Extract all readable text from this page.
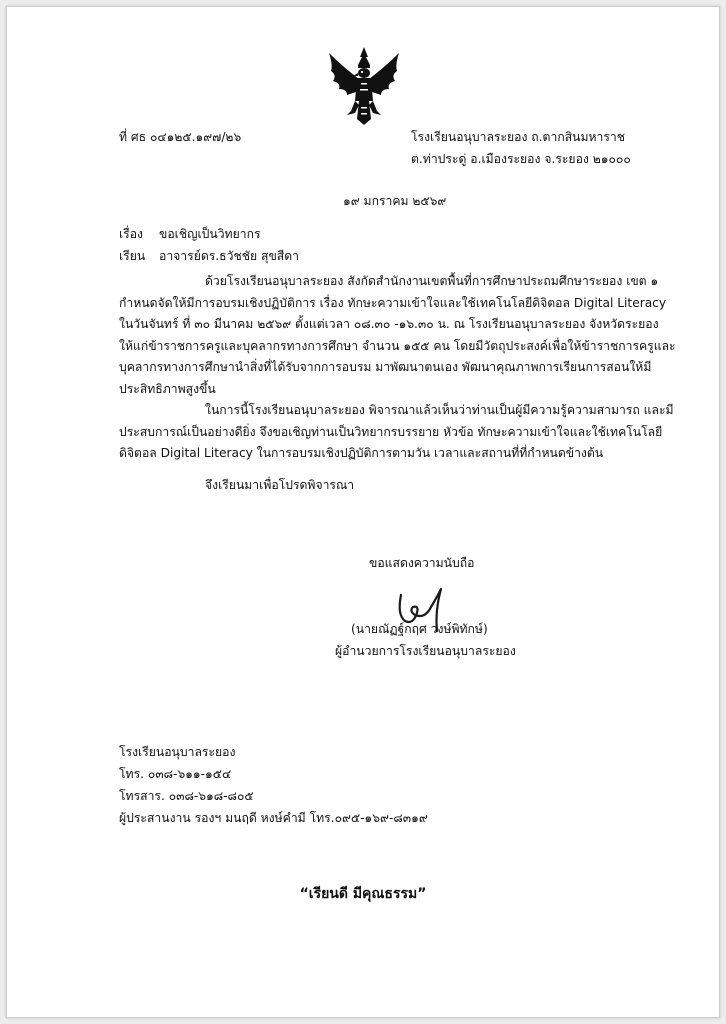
ที่ ศธ ๐๔๑๒๕.๑๙๗/๒๖	โรงเรียนอนุบาลระยอง ถ.ตากสินมหาราช
ต.ท่าประดู่ อ.เมืองระยอง จ.ระยอง ๒๑๐๐๐
๑๙ มกราคม ๒๕๖๙
เรื่อง ขอเชิญเป็นวิทยากร
เรียน อาจารย์ดร.ธวัชชัย สุขสีดา
ด้วยโรงเรียนอนุบาลระยอง สังกัดสำนักงานเขตพื้นที่การศึกษาประถมศึกษาระยอง เขต ๑
กำหนดจัดให้มีการอบรมเชิงปฏิบัติการ เรื่อง ทักษะความเข้าใจและใช้เทคโนโลยีดิจิตอล Digital Literacy
ในวันจันทร์ ที่ ๓๐ มีนาคม ๒๕๖๙ ตั้งแต่เวลา ๐๘.๓๐ -๑๖.๓๐ น. ณ โรงเรียนอนุบาลระยอง จังหวัดระยอง
ให้แก่ข้าราชการครูและบุคลากรทางการศึกษา จำนวน ๑๕๕ คน โดยมีวัตถุประสงค์เพื่อให้ข้าราชการครูและ
บุคลากรทางการศึกษานำสิ่งที่ได้รับจากการอบรม มาพัฒนาตนเอง พัฒนาคุณภาพการเรียนการสอนให้มี
ประสิทธิภาพสูงขึ้น
ในการนี้โรงเรียนอนุบาลระยอง พิจารณาแล้วเห็นว่าท่านเป็นผู้มีความรู้ความสามารถ และมี
ประสบการณ์เป็นอย่างดียิ่ง จึงขอเชิญท่านเป็นวิทยากรบรรยาย หัวข้อ ทักษะความเข้าใจและใช้เทคโนโลยี
ดิจิตอล Digital Literacy ในการอบรมเชิงปฏิบัติการตามวัน เวลาและสถานที่ที่กำหนดข้างต้น
จึงเรียนมาเพื่อโปรดพิจารณา
ขอแสดงความนับถือ
(นายณัฏฐ์กฤศ วงษ์พิทักษ์)
ผู้อำนวยการโรงเรียนอนุบาลระยอง
โรงเรียนอนุบาลระยอง
โทร. ๐๓๘-๖๑๑-๑๕๔
โทรสาร. ๐๓๘-๖๑๘-๘๐๕
ผู้ประสานงาน รองฯ มนฤดี หงษ์คำมี โทร.๐๙๕-๑๖๙-๘๓๑๙
“เรียนดี มีคุณธรรม”
